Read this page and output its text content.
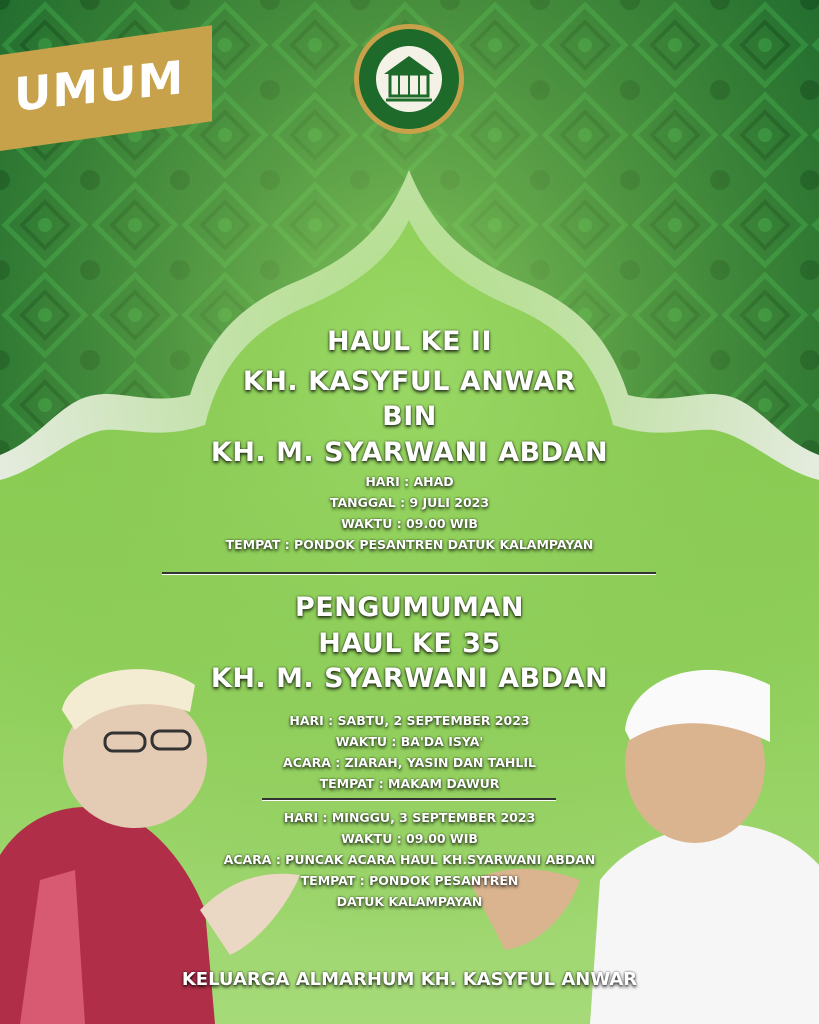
UMUM
HAUL KE II
KH. KASYFUL ANWAR
BIN
KH. M. SYARWANI ABDAN
HARI : AHAD
TANGGAL : 9 JULI 2023
WAKTU : 09.00 WIB
TEMPAT : PONDOK PESANTREN DATUK KALAMPAYAN
PENGUMUMAN
HAUL KE 35
KH. M. SYARWANI ABDAN
HARI : SABTU, 2 SEPTEMBER 2023
WAKTU : BA'DA ISYA'
ACARA : ZIARAH, YASIN DAN TAHLIL
TEMPAT : MAKAM DAWUR
HARI : MINGGU, 3 SEPTEMBER 2023
WAKTU : 09.00 WIB
ACARA : PUNCAK ACARA HAUL KH.SYARWANI ABDAN
TEMPAT : PONDOK PESANTREN
DATUK KALAMPAYAN
KELUARGA ALMARHUM KH. KASYFUL ANWAR
